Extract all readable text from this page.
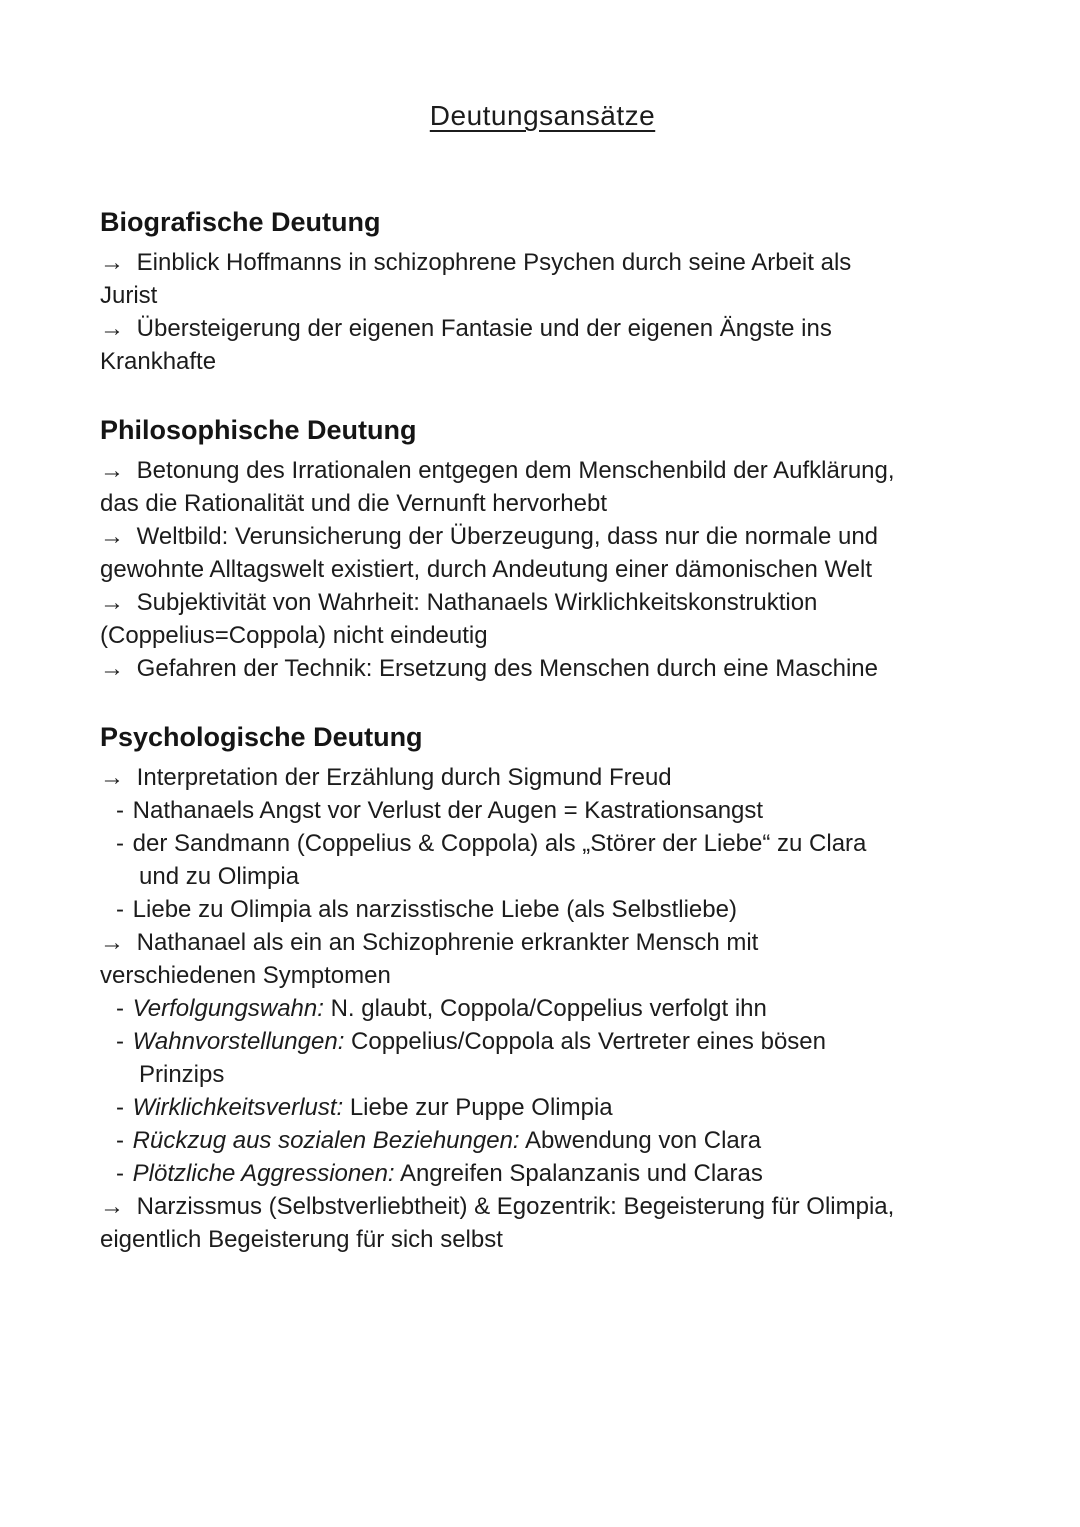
Deutungsansätze
Biografische Deutung

→ Einblick Hoffmanns in schizophrene Psychen durch seine Arbeit als
Jurist

→ Übersteigerung der eigenen Fantasie und der eigenen Ängste ins
Krankhafte

Philosophische Deutung

→ Betonung des Irrationalen entgegen dem Menschenbild der Aufklärung,
das die Rationalität und die Vernunft hervorhebt

→ Weltbild: Verunsicherung der Überzeugung, dass nur die normale und
gewohnte Alltagswelt existiert, durch Andeutung einer dämonischen Welt

→ Subjektivität von Wahrheit: Nathanaels Wirklichkeitskonstruktion
(Coppelius=Coppola) nicht eindeutig

→ Gefahren der Technik: Ersetzung des Menschen durch eine Maschine

Psychologische Deutung

→ Interpretation der Erzählung durch Sigmund Freud

- Nathanaels Angst vor Verlust der Augen = Kastrationsangst

- der Sandmann (Coppelius & Coppola) als „Störer der Liebe“ zu Clara
und zu Olimpia

- Liebe zu Olimpia als narzisstische Liebe (als Selbstliebe)

→ Nathanael als ein an Schizophrenie erkrankter Mensch mit
verschiedenen Symptomen

- Verfolgungswahn: N. glaubt, Coppola/Coppelius verfolgt ihn

- Wahnvorstellungen: Coppelius/Coppola als Vertreter eines bösen
Prinzips

- Wirklichkeitsverlust: Liebe zur Puppe Olimpia

- Rückzug aus sozialen Beziehungen: Abwendung von Clara

- Plötzliche Aggressionen: Angreifen Spalanzanis und Claras

→ Narzissmus (Selbstverliebtheit) & Egozentrik: Begeisterung für Olimpia,
eigentlich Begeisterung für sich selbst
